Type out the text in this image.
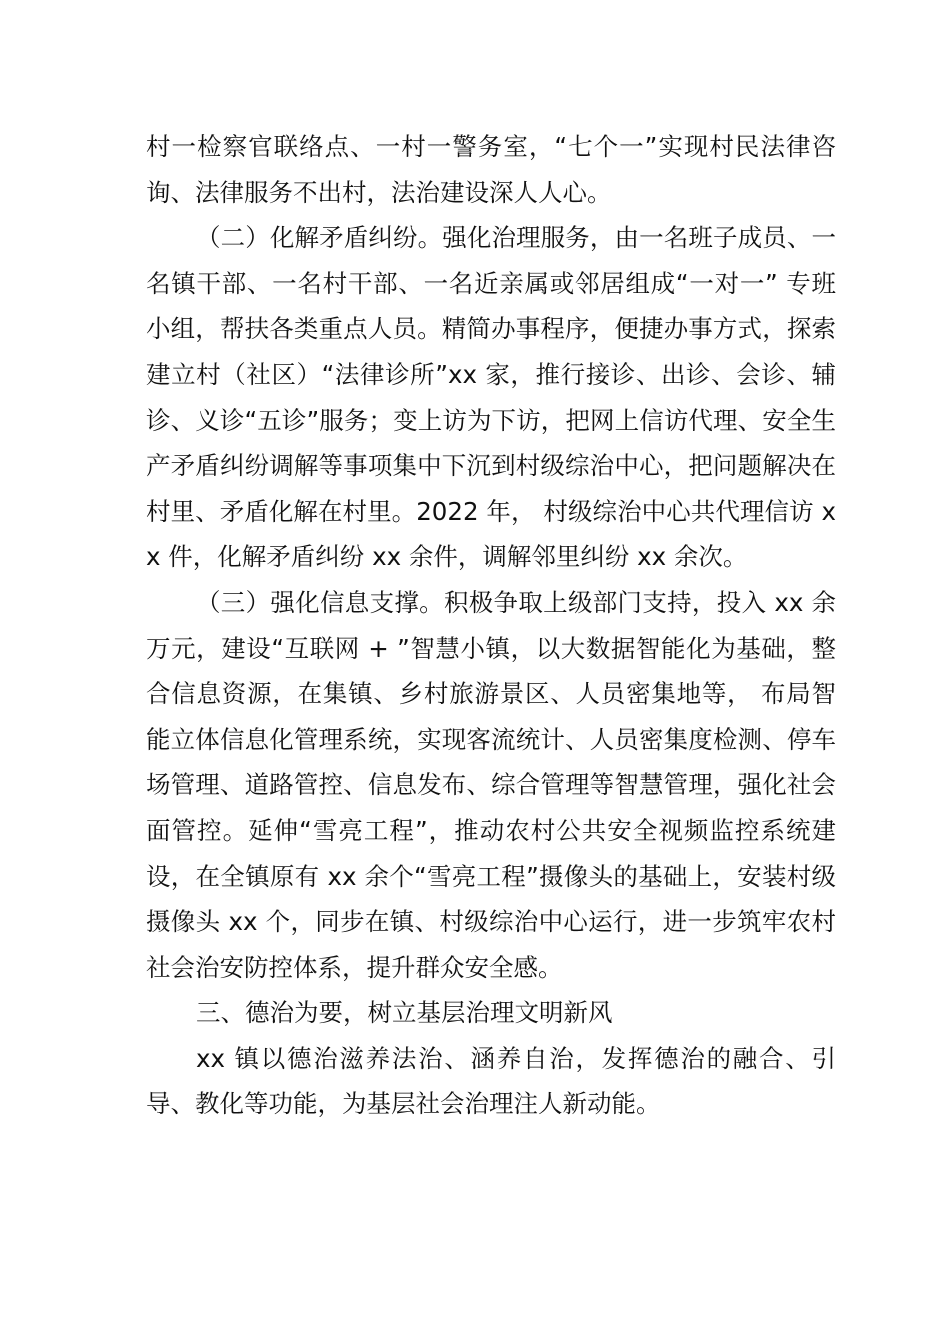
村一检察官联络点、一村一警务室，“七个一”实现村民法律咨询、法律服务不出村，法治建设深人人心。

（二）化解矛盾纠纷。强化治理服务，由一名班子成员、一名镇干部、一名村干部、一名近亲属或邻居组成“一对一” 专班小组，帮扶各类重点人员。精简办事程序，便捷办事方式，探索建立村（社区）“法律诊所”xx 家，推行接诊、出诊、会诊、辅诊、义诊“五诊”服务；变上访为下访，把网上信访代理、安全生产矛盾纠纷调解等事项集中下沉到村级综治中心，把问题解决在村里、矛盾化解在村里。2022 年， 村级综治中心共代理信访 xx 件，化解矛盾纠纷 xx 余件，调解邻里纠纷 xx 余次。

（三）强化信息支撑。积极争取上级部门支持，投入 xx 余万元，建设“互联网 + ”智慧小镇，以大数据智能化为基础，整合信息资源，在集镇、乡村旅游景区、人员密集地等， 布局智能立体信息化管理系统，实现客流统计、人员密集度检测、停车场管理、道路管控、信息发布、综合管理等智慧管理，强化社会面管控。延伸“雪亮工程”，推动农村公共安全视频监控系统建设，在全镇原有 xx 余个“雪亮工程”摄像头的基础上，安装村级摄像头 xx 个，同步在镇、村级综治中心运行，进一步筑牢农村社会治安防控体系，提升群众安全感。

三、德治为要，树立基层治理文明新风

xx 镇以德治滋养法治、涵养自治，发挥德治的融合、引导、教化等功能，为基层社会治理注人新动能。
